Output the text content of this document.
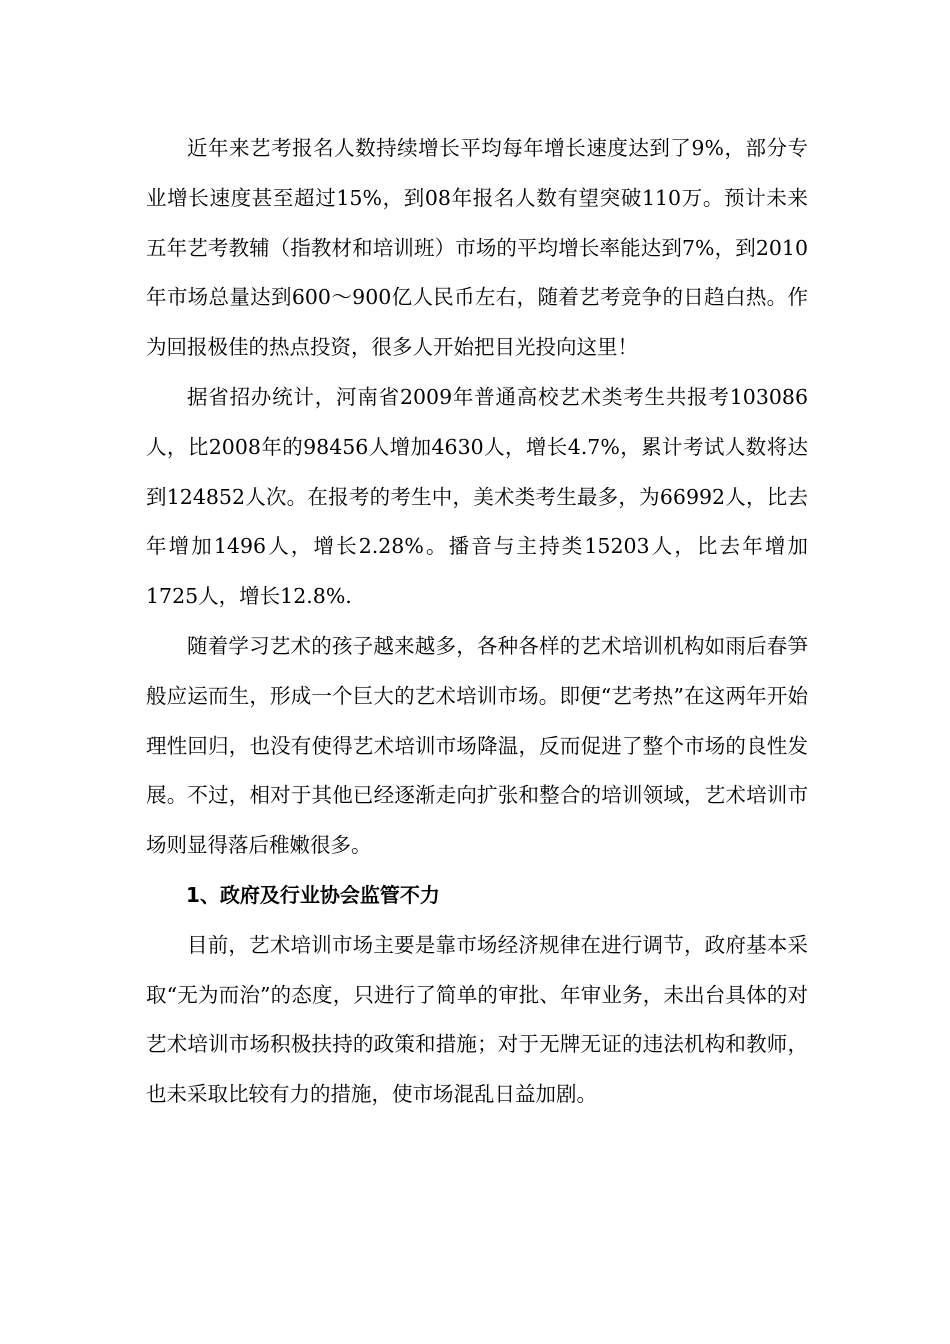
近年来艺考报名人数持续增长平均每年增长速度达到了9%，部分专业增长速度甚至超过15%，到08年报名人数有望突破110万。预计未来五年艺考教辅（指教材和培训班）市场的平均增长率能达到7%，到2010年市场总量达到600～900亿人民币左右，随着艺考竞争的日趋白热。作为回报极佳的热点投资，很多人开始把目光投向这里！

据省招办统计，河南省2009年普通高校艺术类考生共报考103086人，比2008年的98456人增加4630人，增长4.7%，累计考试人数将达到124852人次。在报考的考生中，美术类考生最多，为66992人，比去年增加1496人，增长2.28%。播音与主持类15203人，比去年增加1725人，增长12.8%.

随着学习艺术的孩子越来越多，各种各样的艺术培训机构如雨后春笋般应运而生，形成一个巨大的艺术培训市场。即便“艺考热”在这两年开始理性回归，也没有使得艺术培训市场降温，反而促进了整个市场的良性发展。不过，相对于其他已经逐渐走向扩张和整合的培训领域，艺术培训市场则显得落后稚嫩很多。

1、政府及行业协会监管不力

目前，艺术培训市场主要是靠市场经济规律在进行调节，政府基本采取“无为而治”的态度，只进行了简单的审批、年审业务，未出台具体的对艺术培训市场积极扶持的政策和措施；对于无牌无证的违法机构和教师，也未采取比较有力的措施，使市场混乱日益加剧。
